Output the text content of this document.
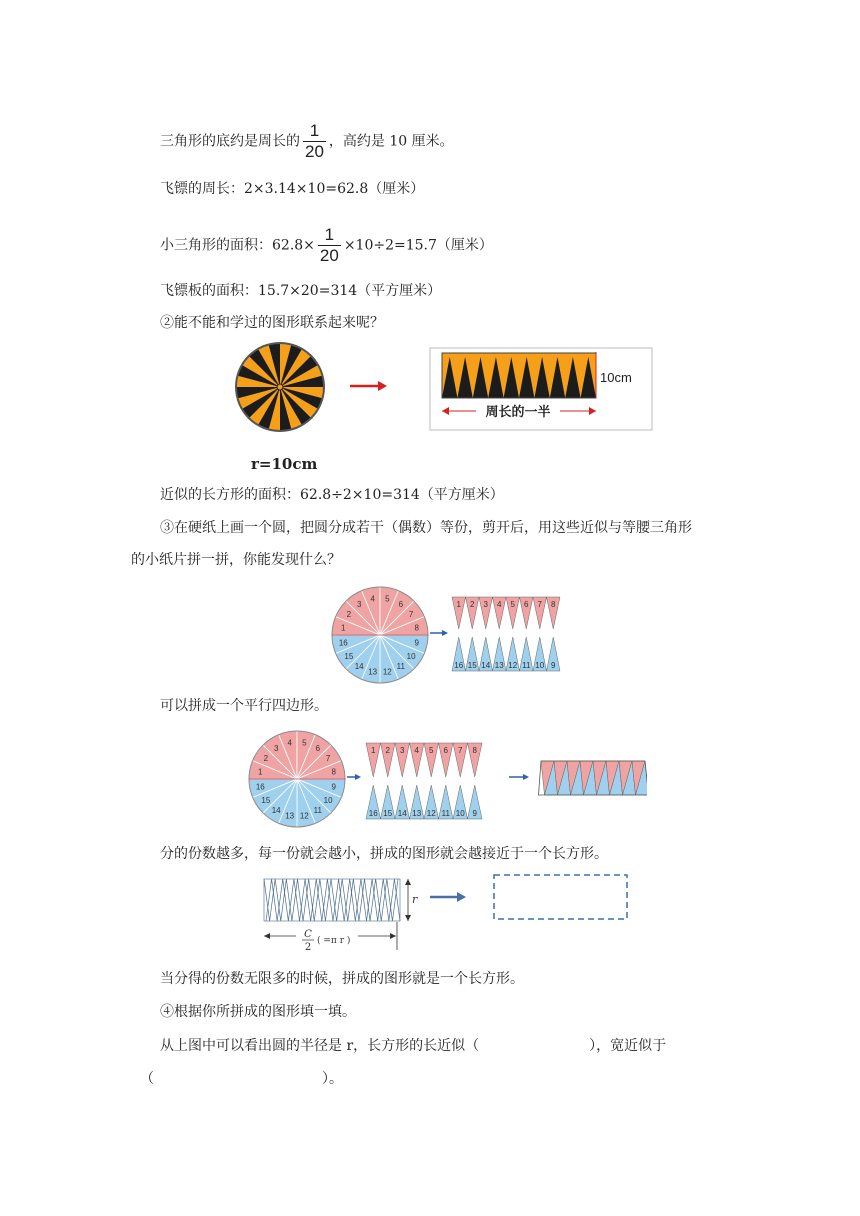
三角形的底约是周长的 $\frac{1}{20}$ ，高约是 10 厘米。
飞镖的周长：2×3.14×10=62.8（厘米）
小三角形的面积：$62.8\times \frac{1}{20} \times 10\div 2=15.7$（厘米）
飞镖板的面积：15.7×20=314（平方厘米）
②能不能和学过的图形联系起来呢？
10cm
周长的一半
r=10cm
近似的长方形的面积：62.8÷2×10=314（平方厘米）
③在硬纸上画一个圆，把圆分成若干（偶数）等份，剪开后，用这些近似与等腰三角形
的小纸片拼一拼，你能发现什么？
1
2
3
4 5
6
7
8
9
10
11
12
13
14
15
16
1
16
2
15
3
14
4
13
5
12
6
11
7
10
8
9
可以拼成一个平行四边形。
1
2
3
4 5
6
7
8
9
10
11
12
13
14
15
16
1
16
2
15
3
14
4
13
5
12
6
11
7
10
8
9
分的份数越多，每一份就会越小，拼成的图形就会越接近于一个长方形。
r
C
2
( =π r )
当分得的份数无限多的时候，拼成的图形就是一个长方形。
④根据你所拼成的图形填一填。
从上图中可以看出圆的半径是 r，长方形的长近似（	），宽近似于
（	）。
